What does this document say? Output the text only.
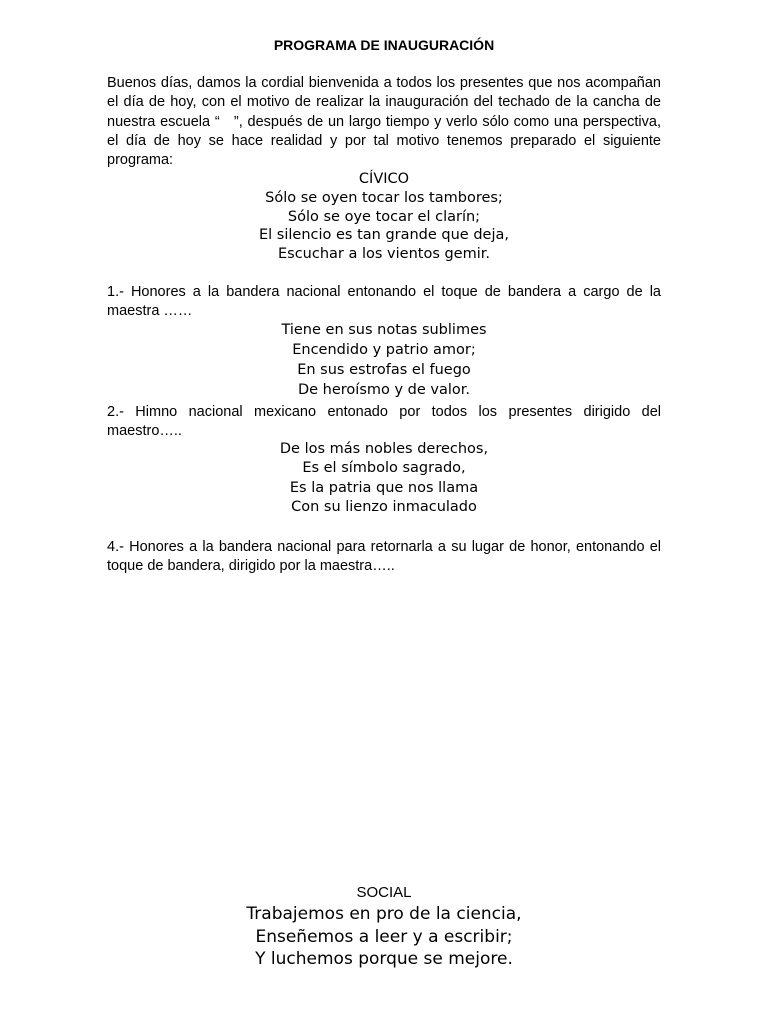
PROGRAMA DE INAUGURACIÓN
Buenos días, damos la cordial bienvenida a todos los presentes que nos acompañan el día de hoy, con el motivo de realizar la inauguración del techado de la cancha de nuestra escuela “   ”, después de un largo tiempo y verlo sólo como una perspectiva, el día de hoy se hace realidad y por tal motivo tenemos preparado el siguiente programa:
CÍVICO
Sólo se oyen tocar los tambores;
Sólo se oye tocar el clarín;
El silencio es tan grande que deja,
Escuchar a los vientos gemir.
1.- Honores a la bandera nacional entonando el toque de bandera a cargo de la maestra ……
Tiene en sus notas sublimes
Encendido y patrio amor;
En sus estrofas el fuego
De heroísmo y de valor.
2.- Himno nacional mexicano entonado por todos los presentes dirigido del maestro…..
De los más nobles derechos,
Es el símbolo sagrado,
Es la patria que nos llama
Con su lienzo inmaculado
4.- Honores a la bandera nacional para retornarla a su lugar de honor, entonando el toque de bandera, dirigido por la maestra…..
SOCIAL
Trabajemos en pro de la ciencia,
Enseñemos a leer y a escribir;
Y luchemos porque se mejore.
